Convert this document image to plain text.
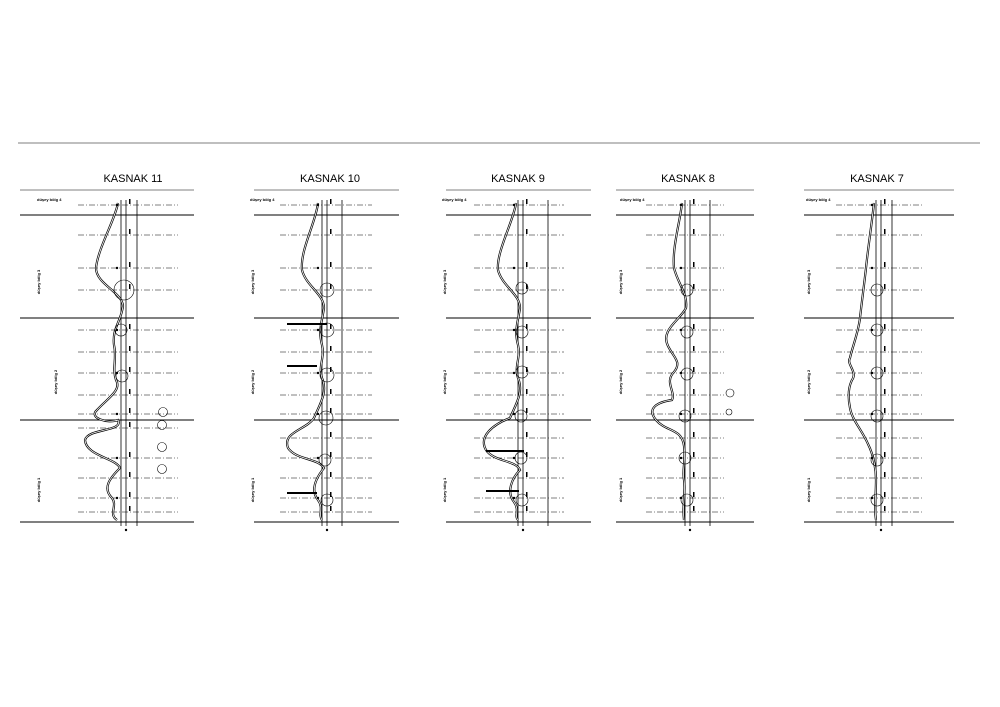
KASNAK 11
düşey bölg 4
düşey bölg 3
düşey bölg 2
düşey bölg 1
KASNAK 10
düşey bölg 4
düşey bölg 3
düşey bölg 2
düşey bölg 1
KASNAK 9
düşey bölg 4
düşey bölg 3
düşey bölg 2
düşey bölg 1
KASNAK 8
düşey bölg 4
düşey bölg 3
düşey bölg 2
düşey bölg 1
KASNAK 7
düşey bölg 4
düşey bölg 3
düşey bölg 2
düşey bölg 1
